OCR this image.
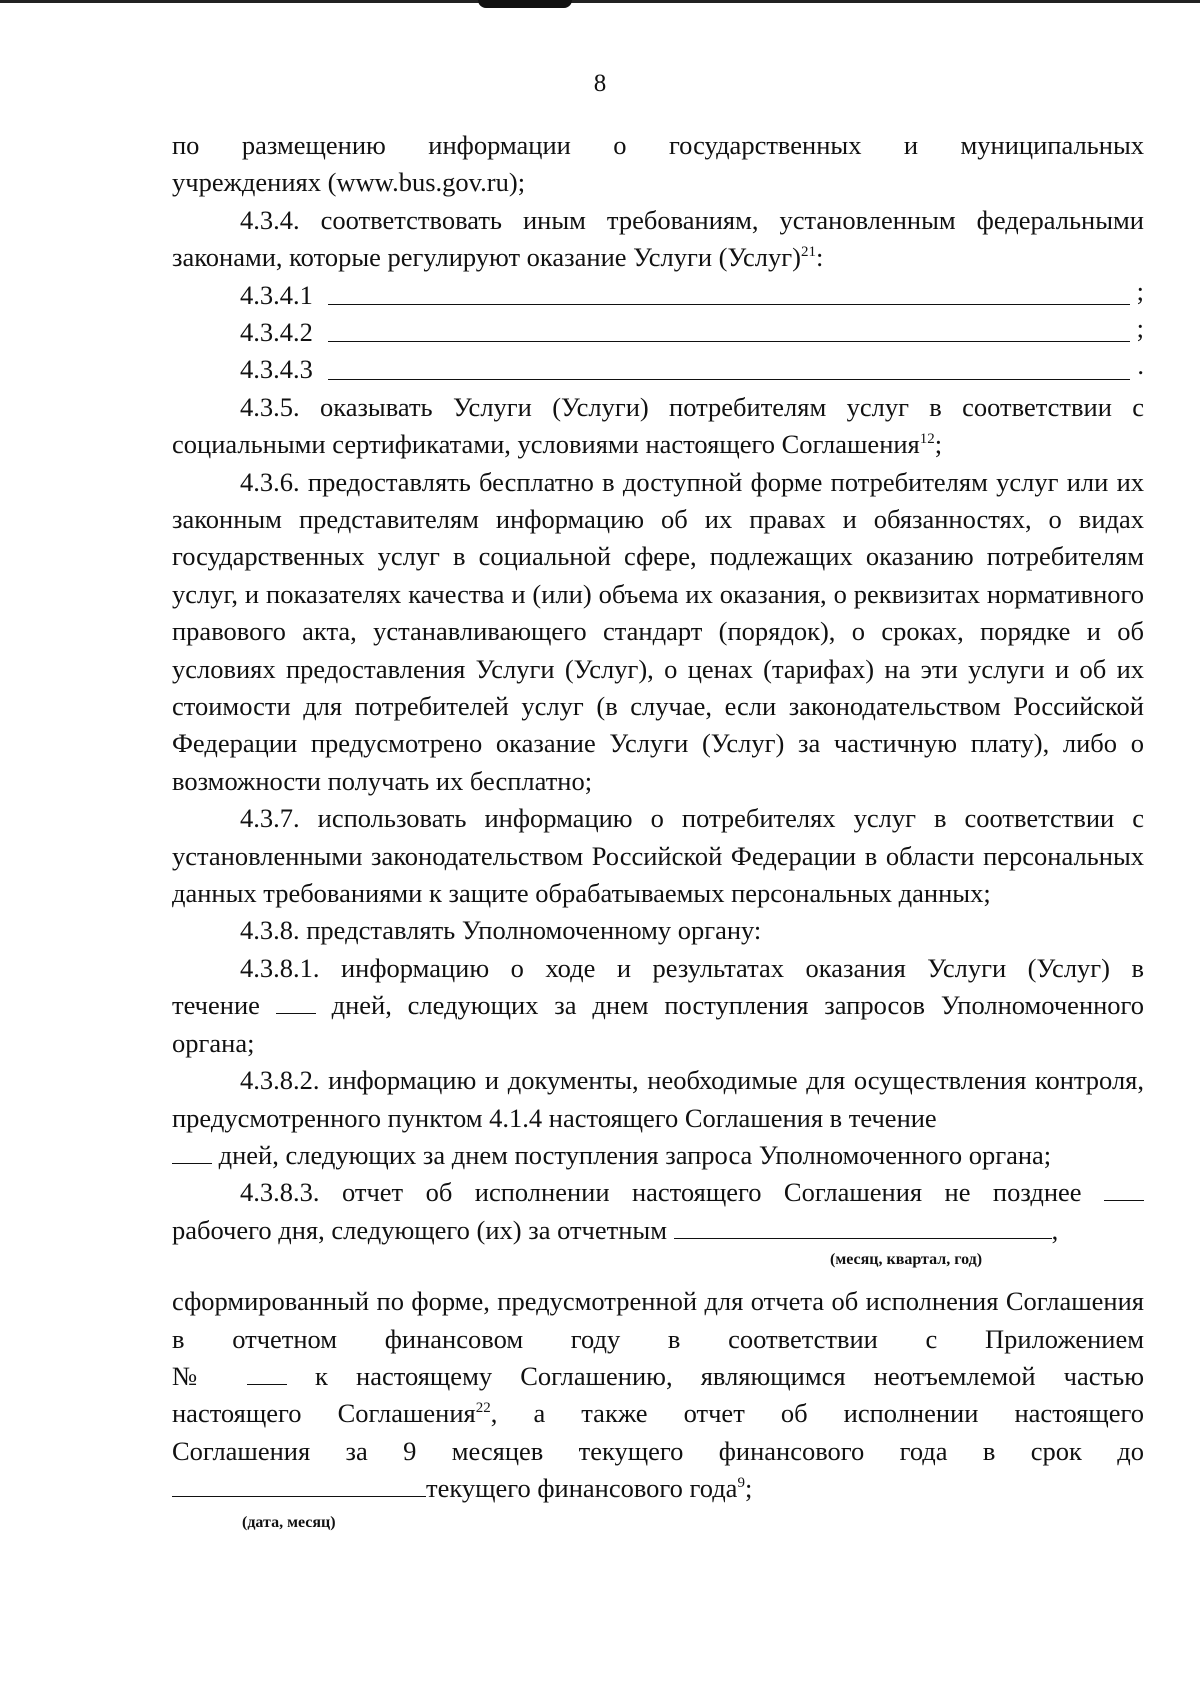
8

по размещению информации о государственных и муниципальных

учреждениях (www.bus.gov.ru);

4.3.4. соответствовать иным требованиям, установленным федеральными законами, которые регулируют оказание Услуги (Услуг)$^{21}$:

4.3.4.1	;
4.3.4.2	;
4.3.4.3	.

4.3.5. оказывать Услуги (Услуги) потребителям услуг в соответствии с социальными сертификатами, условиями настоящего Соглашения$^{12}$;

4.3.6. предоставлять бесплатно в доступной форме потребителям услуг или их законным представителям информацию об их правах и обязанностях, о видах государственных услуг в социальной сфере, подлежащих оказанию потребителям услуг, и показателях качества и (или) объема их оказания, о реквизитах нормативного правового акта, устанавливающего стандарт (порядок), о сроках, порядке и об условиях предоставления Услуги (Услуг), о ценах (тарифах) на эти услуги и об их стоимости для потребителей услуг (в случае, если законодательством Российской Федерации предусмотрено оказание Услуги (Услуг) за частичную плату), либо о возможности получать их бесплатно;

4.3.7. использовать информацию о потребителях услуг в соответствии с установленными законодательством Российской Федерации в области персональных данных требованиями к защите обрабатываемых персональных данных;

4.3.8. представлять Уполномоченному органу:

4.3.8.1. информацию о ходе и результатах оказания Услуги (Услуг) в

течение	дней, следующих за днем поступления запросов Уполномоченного

органа;

4.3.8.2. информацию и документы, необходимые для осуществления контроля, предусмотренного пунктом 4.1.4 настоящего Соглашения в течение

дней, следующих за днем поступления запроса Уполномоченного органа;

4.3.8.3. отчет об исполнении настоящего Соглашения не позднее

рабочего дня, следующего (их) за отчетным	,

(месяц, квартал, год)

сформированный по форме, предусмотренной для отчета об исполнения Соглашения в отчетном финансовом году в соответствии с Приложением

№	к настоящему Соглашению, являющимся неотъемлемой частью

настоящего Соглашения$^{22}$, а также отчет об исполнении настоящего

Соглашения за 9 месяцев текущего финансового года в срок до

текущего финансового года$^9$;

(дата, месяц)
